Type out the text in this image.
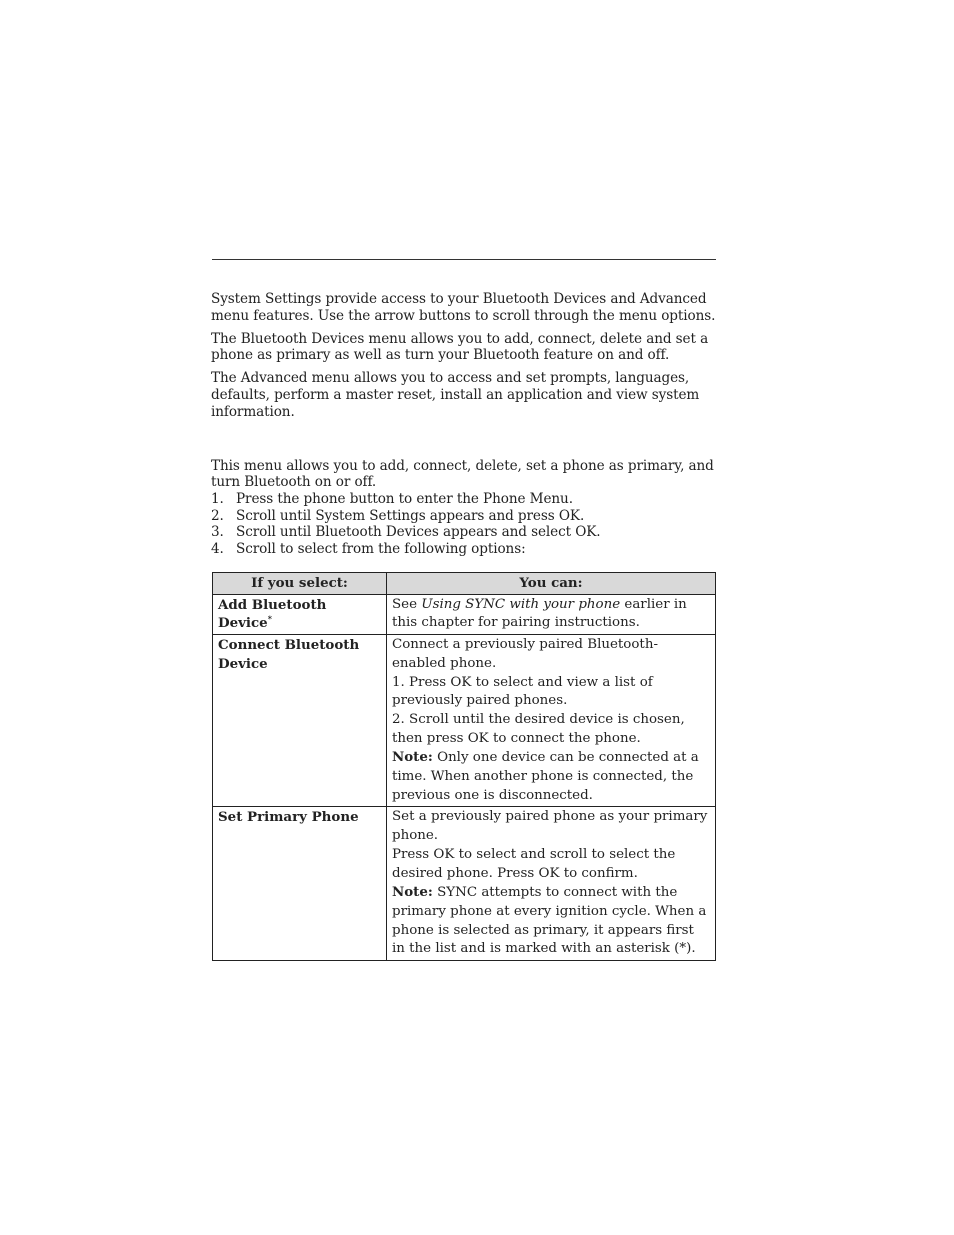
System Settings provide access to your Bluetooth Devices and Advanced menu features. Use the arrow buttons to scroll through the menu options.

The Bluetooth Devices menu allows you to add, connect, delete and set a phone as primary as well as turn your Bluetooth feature on and off.

The Advanced menu allows you to access and set prompts, languages, defaults, perform a master reset, install an application and view system information.

This menu allows you to add, connect, delete, set a phone as primary, and turn Bluetooth on or off.

1. Press the phone button to enter the Phone Menu.
2. Scroll until System Settings appears and press OK.
3. Scroll until Bluetooth Devices appears and select OK.
4. Scroll to select from the following options:
If you select:	You can:
Add Bluetooth Device*	See Using SYNC with your phone earlier in this chapter for pairing instructions.
Connect Bluetooth Device	Connect a previously paired Bluetooth-enabled phone.
1. Press OK to select and view a list of previously paired phones.
2. Scroll until the desired device is chosen, then press OK to connect the phone.
Note: Only one device can be connected at a time. When another phone is connected, the previous one is disconnected.

Set Primary Phone	Set a previously paired phone as your primary phone.
Press OK to select and scroll to select the desired phone. Press OK to confirm.
Note: SYNC attempts to connect with the primary phone at every ignition cycle. When a phone is selected as primary, it appears first in the list and is marked with an asterisk (*).
